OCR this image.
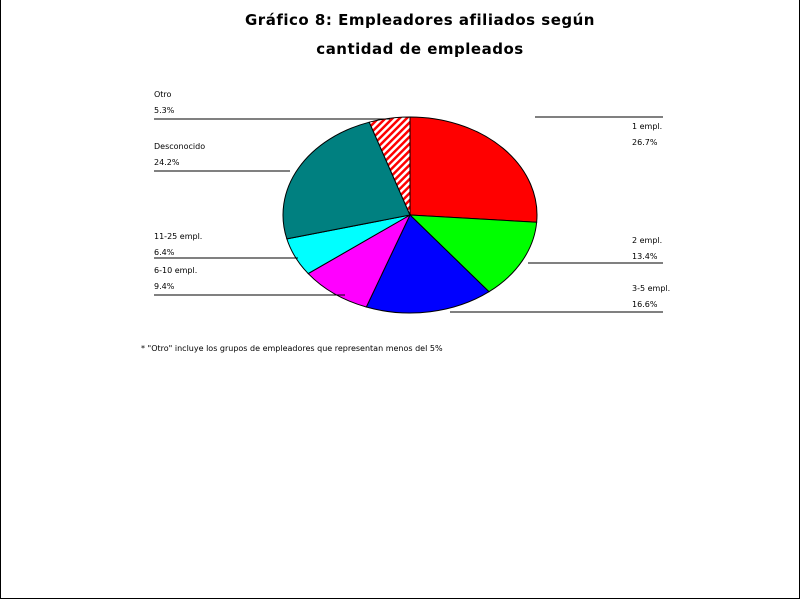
Gráfico 8: Empleadores afiliados según
cantidad de empleados
1 empl.
26.7%
2 empl.
13.4%
3-5 empl.
16.6%
6-10 empl.
9.4%
11-25 empl.
6.4%
Desconocido
24.2%
Otro
5.3%
* "Otro" incluye los grupos de empleadores que representan menos del 5%
